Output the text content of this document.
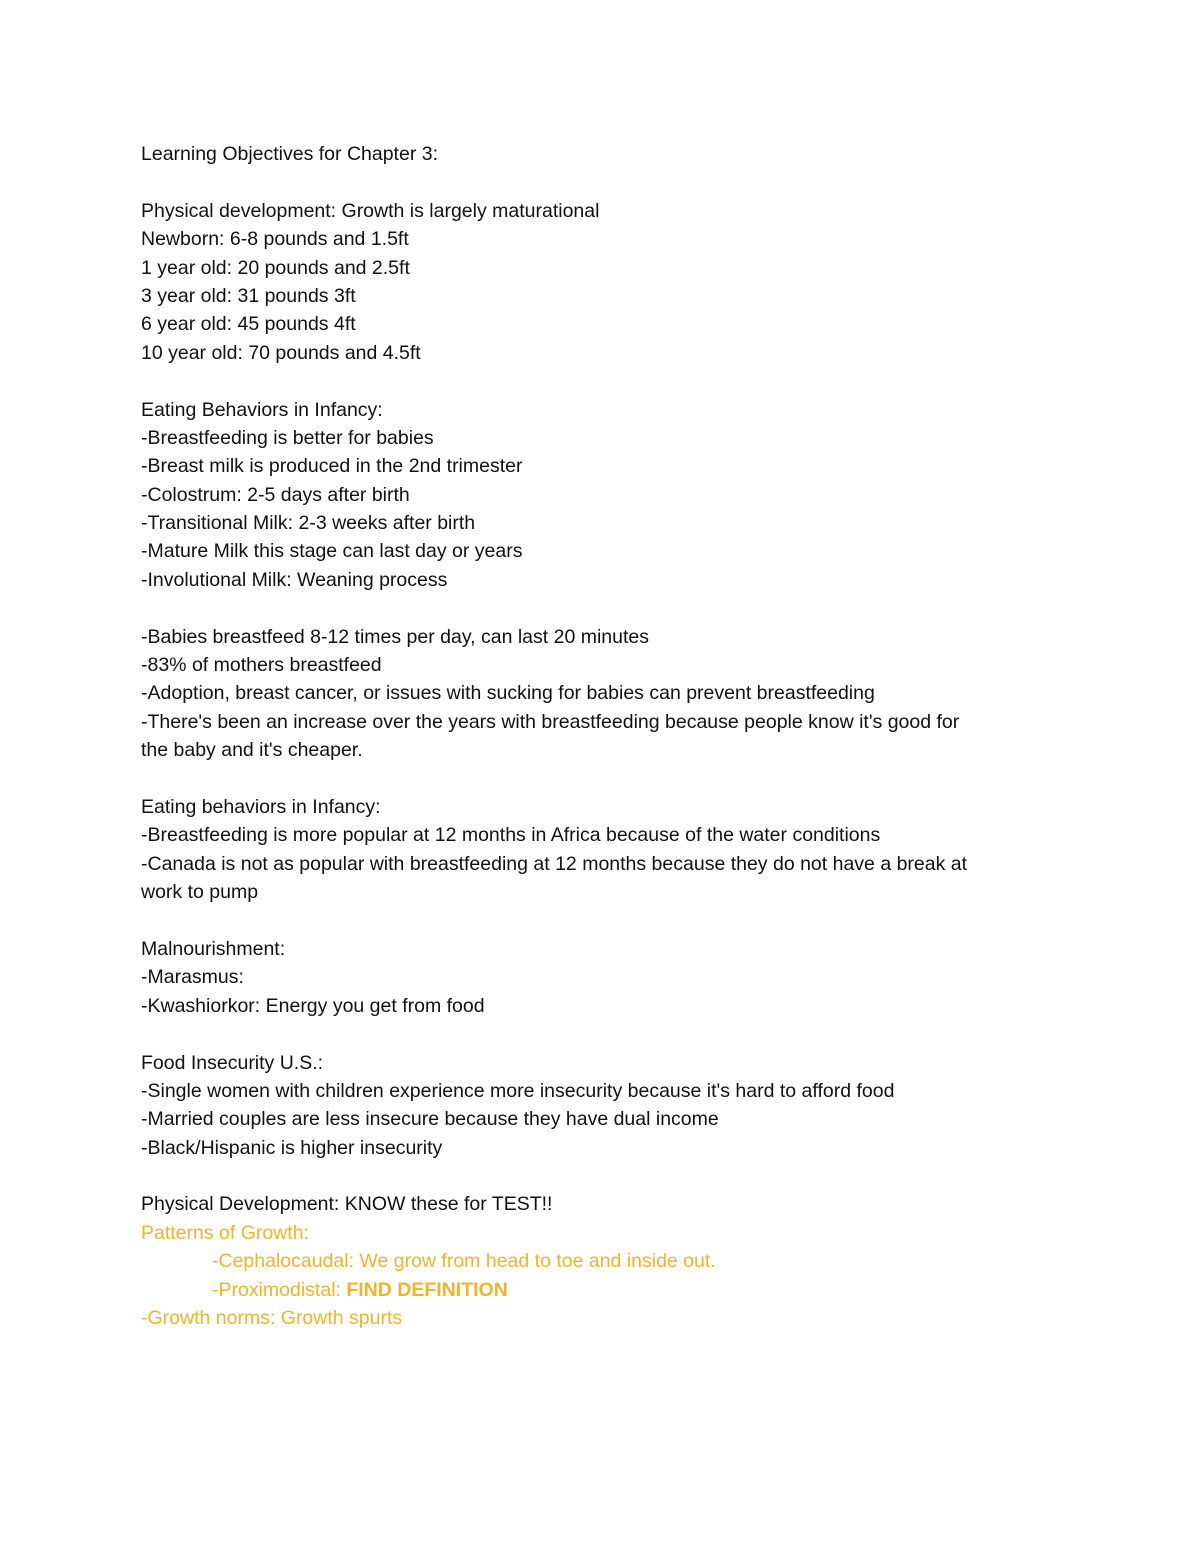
Learning Objectives for Chapter 3:
Physical development: Growth is largely maturational
Newborn: 6-8 pounds and 1.5ft
1 year old: 20 pounds and 2.5ft
3 year old: 31 pounds 3ft
6 year old: 45 pounds 4ft
10 year old: 70 pounds and 4.5ft
Eating Behaviors in Infancy:
-Breastfeeding is better for babies
-Breast milk is produced in the 2nd trimester
-Colostrum: 2-5 days after birth
-Transitional Milk: 2-3 weeks after birth
-Mature Milk this stage can last day or years
-Involutional Milk: Weaning process
-Babies breastfeed 8-12 times per day, can last 20 minutes
-83% of mothers breastfeed
-Adoption, breast cancer, or issues with sucking for babies can prevent breastfeeding
-There's been an increase over the years with breastfeeding because people know it's good for
the baby and it's cheaper.
Eating behaviors in Infancy:
-Breastfeeding is more popular at 12 months in Africa because of the water conditions
-Canada is not as popular with breastfeeding at 12 months because they do not have a break at
work to pump
Malnourishment:
-Marasmus:
-Kwashiorkor: Energy you get from food
Food Insecurity U.S.:
-Single women with children experience more insecurity because it's hard to afford food
-Married couples are less insecure because they have dual income
-Black/Hispanic is higher insecurity
Physical Development: KNOW these for TEST!!
Patterns of Growth:
-Cephalocaudal: We grow from head to toe and inside out.
-Proximodistal: FIND DEFINITION
-Growth norms: Growth spurts
